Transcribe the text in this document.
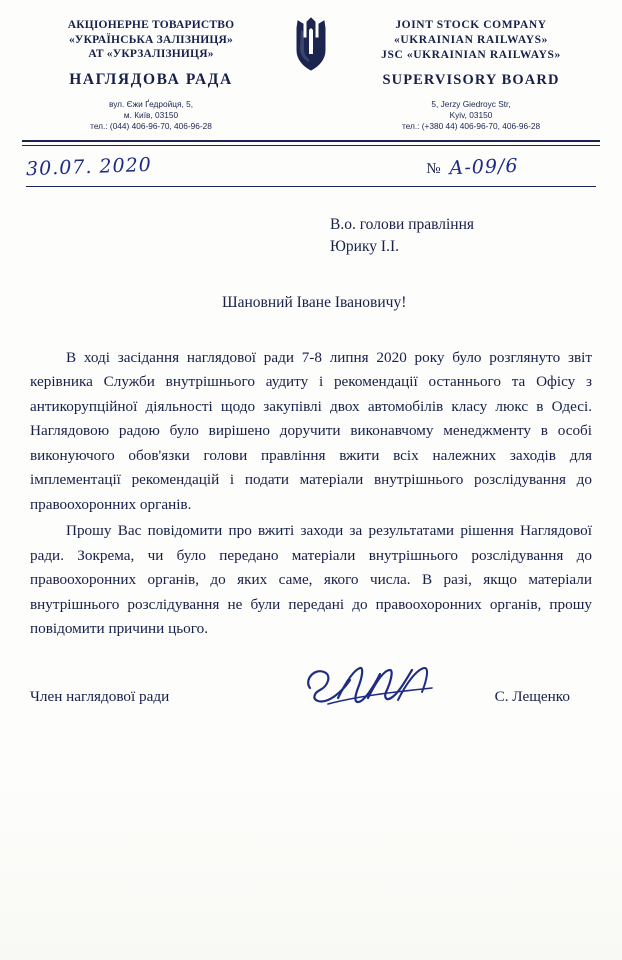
АКЦІОНЕРНЕ ТОВАРИСТВО
«УКРАЇНСЬКА ЗАЛІЗНИЦЯ»
АТ «УКРЗАЛІЗНИЦЯ»
НАГЛЯДОВА РАДА
вул. Єжи Ґедройця, 5,
м. Київ, 03150
тел.: (044) 406-96-70, 406-96-28
JOINT STOCK COMPANY
«UKRAINIAN RAILWAYS»
JSC «UKRAINIAN RAILWAYS»
SUPERVISORY BOARD
5, Jerzy Giedroyc Str,
Kyiv, 03150
тел.: (+380 44) 406-96-70, 406-96-28
30.07. 2020	№ А-09/6
В.о. голови правління
Юрику І.І.
Шановний Іване Івановичу!

В ході засідання наглядової ради 7-8 липня 2020 року було розглянуто звіт керівника Служби внутрішнього аудиту і рекомендації останнього та Офісу з антикорупційної діяльності щодо закупівлі двох автомобілів класу люкс в Одесі. Наглядовою радою було вирішено доручити виконавчому менеджменту в особі виконуючого обов'язки голови правління вжити всіх належних заходів для імплементації рекомендацій і подати матеріали внутрішнього розслідування до правоохоронних органів.

Прошу Вас повідомити про вжиті заходи за результатами рішення Наглядової ради. Зокрема, чи було передано матеріали внутрішнього розслідування до правоохоронних органів, до яких саме, якого числа. В разі, якщо матеріали внутрішнього розслідування не були передані до правоохоронних органів, прошу повідомити причини цього.

Член наглядової ради	С. Лещенко
